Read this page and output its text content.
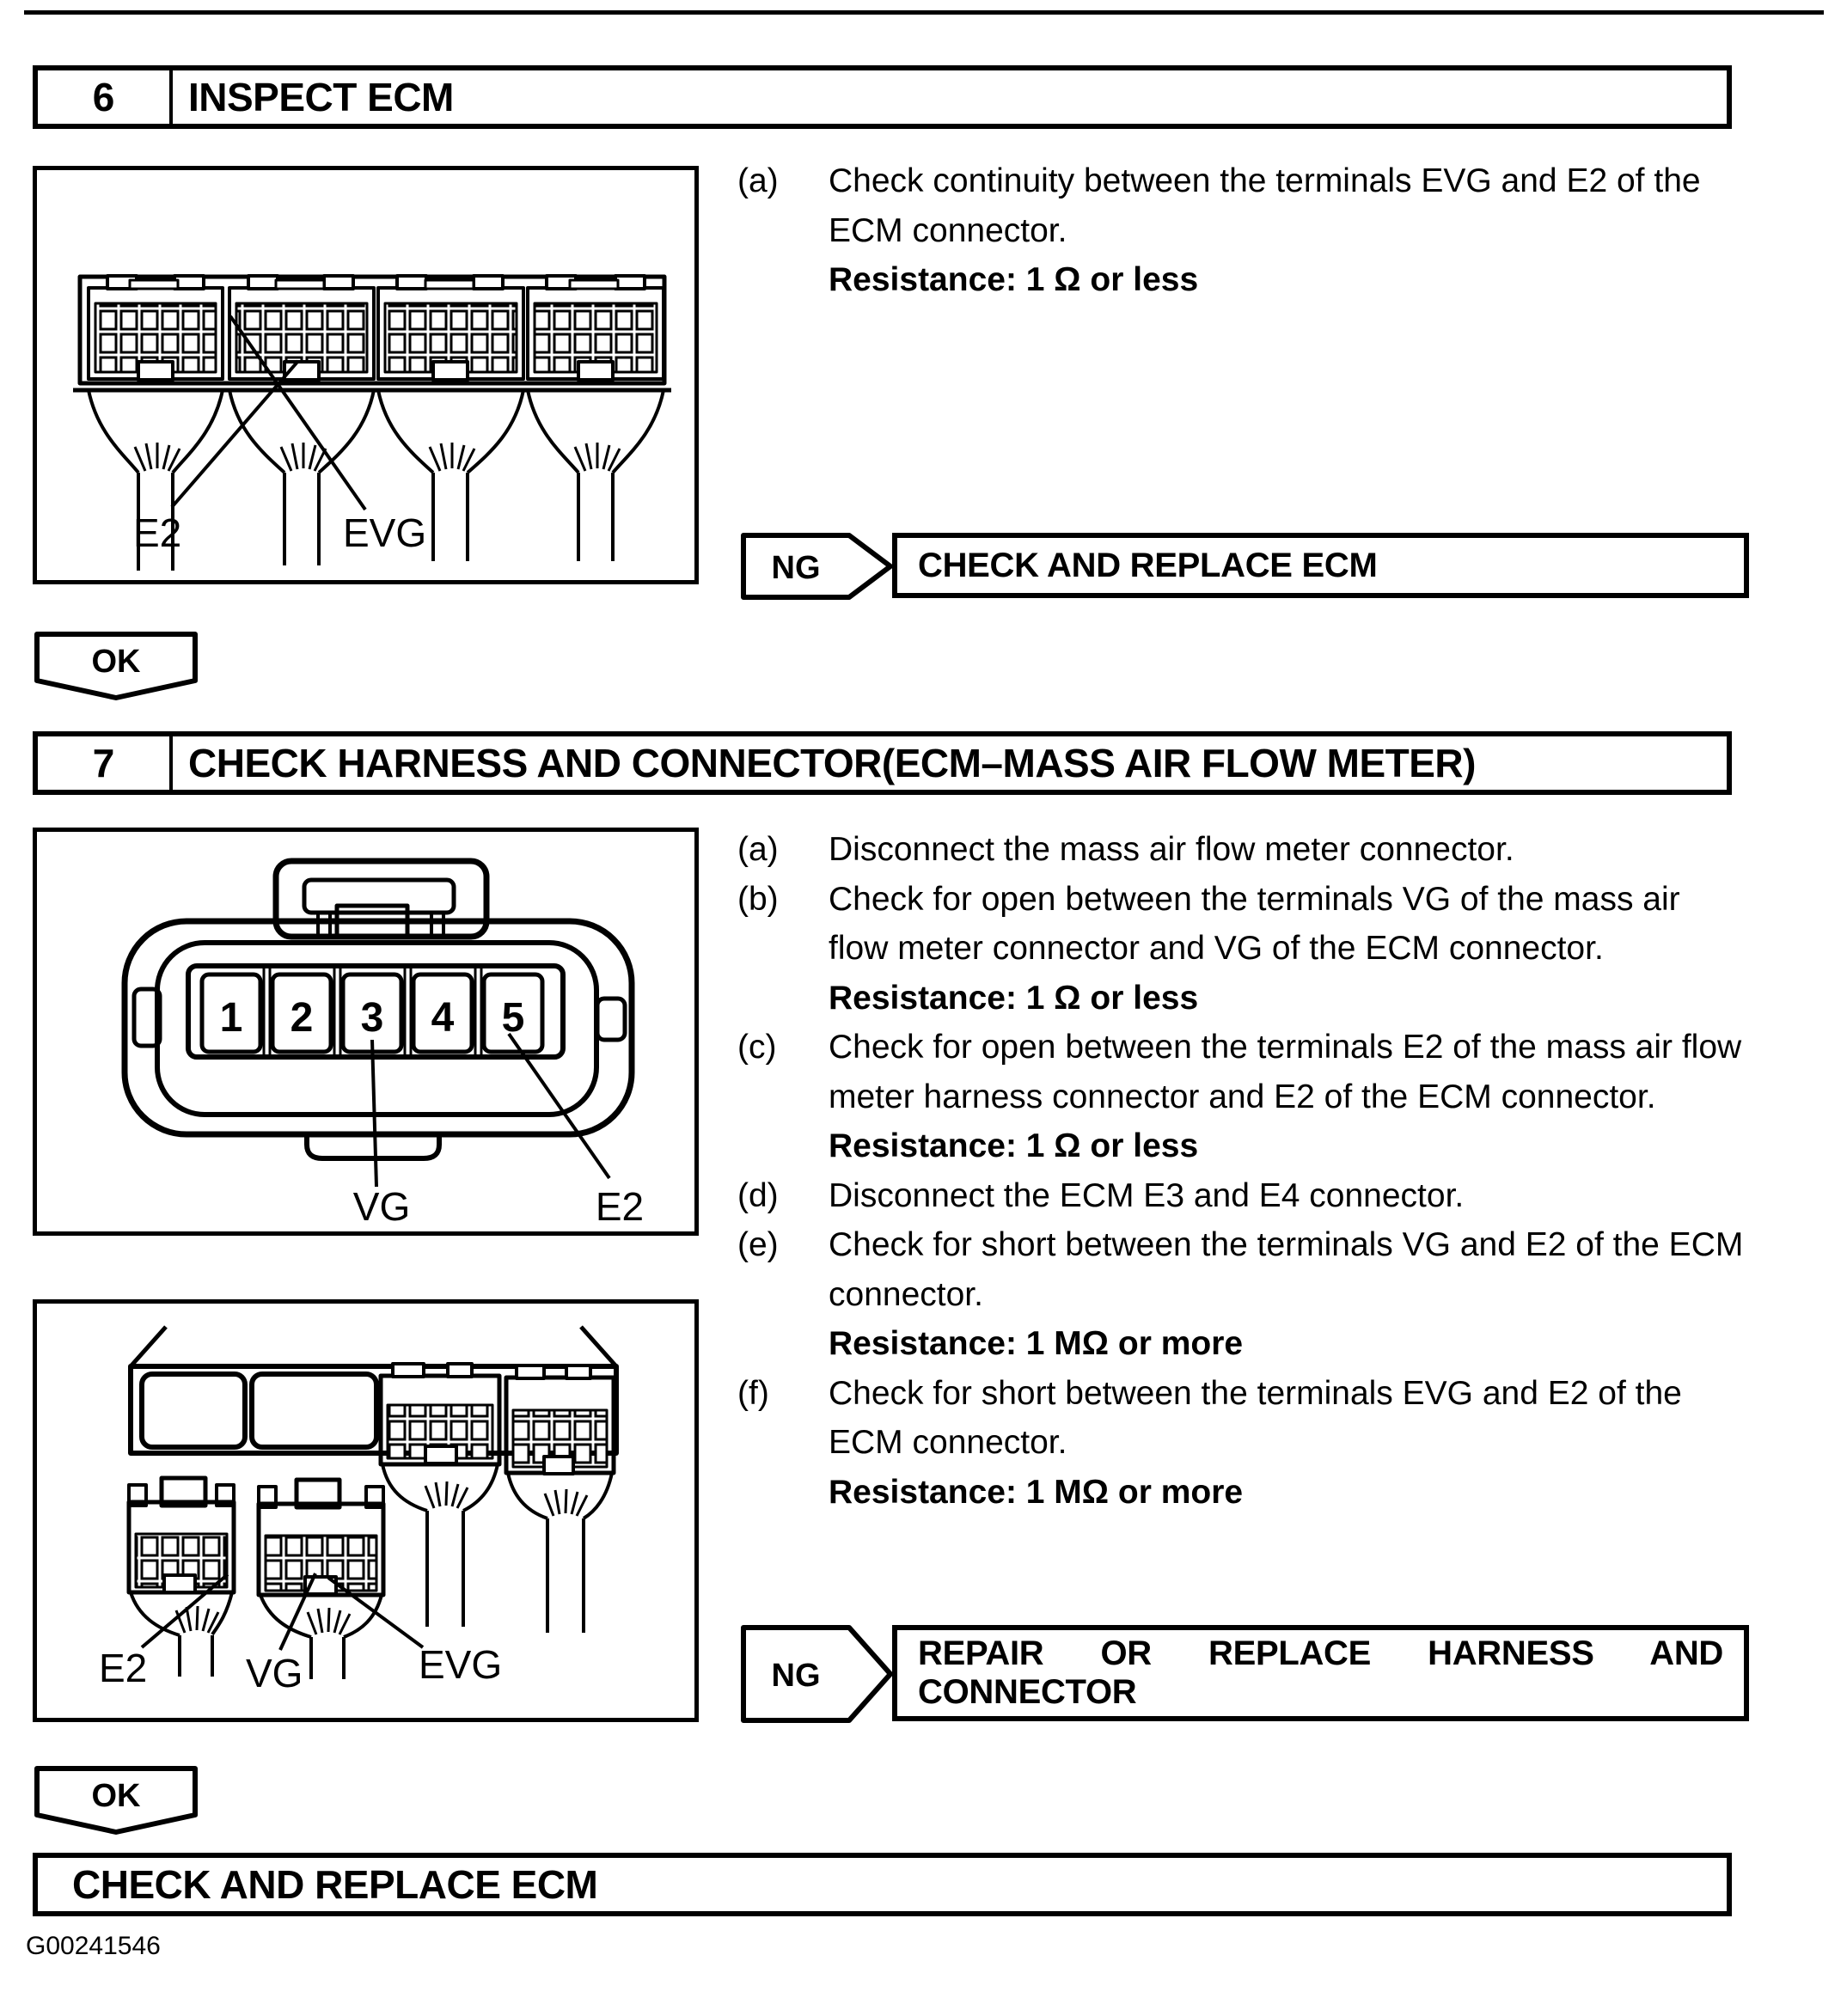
6	INSPECT ECM
E2	EVG
(a)	Check continuity between the terminals EVG and E2 of the
ECM connector.
Resistance: 1 Ω or less
NG	CHECK AND REPLACE ECM
OK
7	CHECK HARNESS AND CONNECTOR(ECM–MASS AIR FLOW METER)
1 2 3 4 5
VG	E2
(a)	Disconnect the mass air flow meter connector.
(b)	Check for open between the terminals VG of the mass air
flow meter connector and VG of the ECM connector.
Resistance: 1 Ω or less
(c)	Check for open between the terminals E2 of the mass air flow
meter harness connector and E2 of the ECM connector.
Resistance: 1 Ω or less
(d)	Disconnect the ECM E3 and E4 connector.
(e)	Check for short between the terminals VG and E2 of the ECM
connector.
Resistance: 1 MΩ or more
(f)	Check for short between the terminals EVG and E2 of the
ECM connector.
Resistance: 1 MΩ or more
E2 VG	EVG	NG
REPAIR OR REPLACE HARNESS AND
CONNECTOR
OK
CHECK AND REPLACE ECM
G00241546
